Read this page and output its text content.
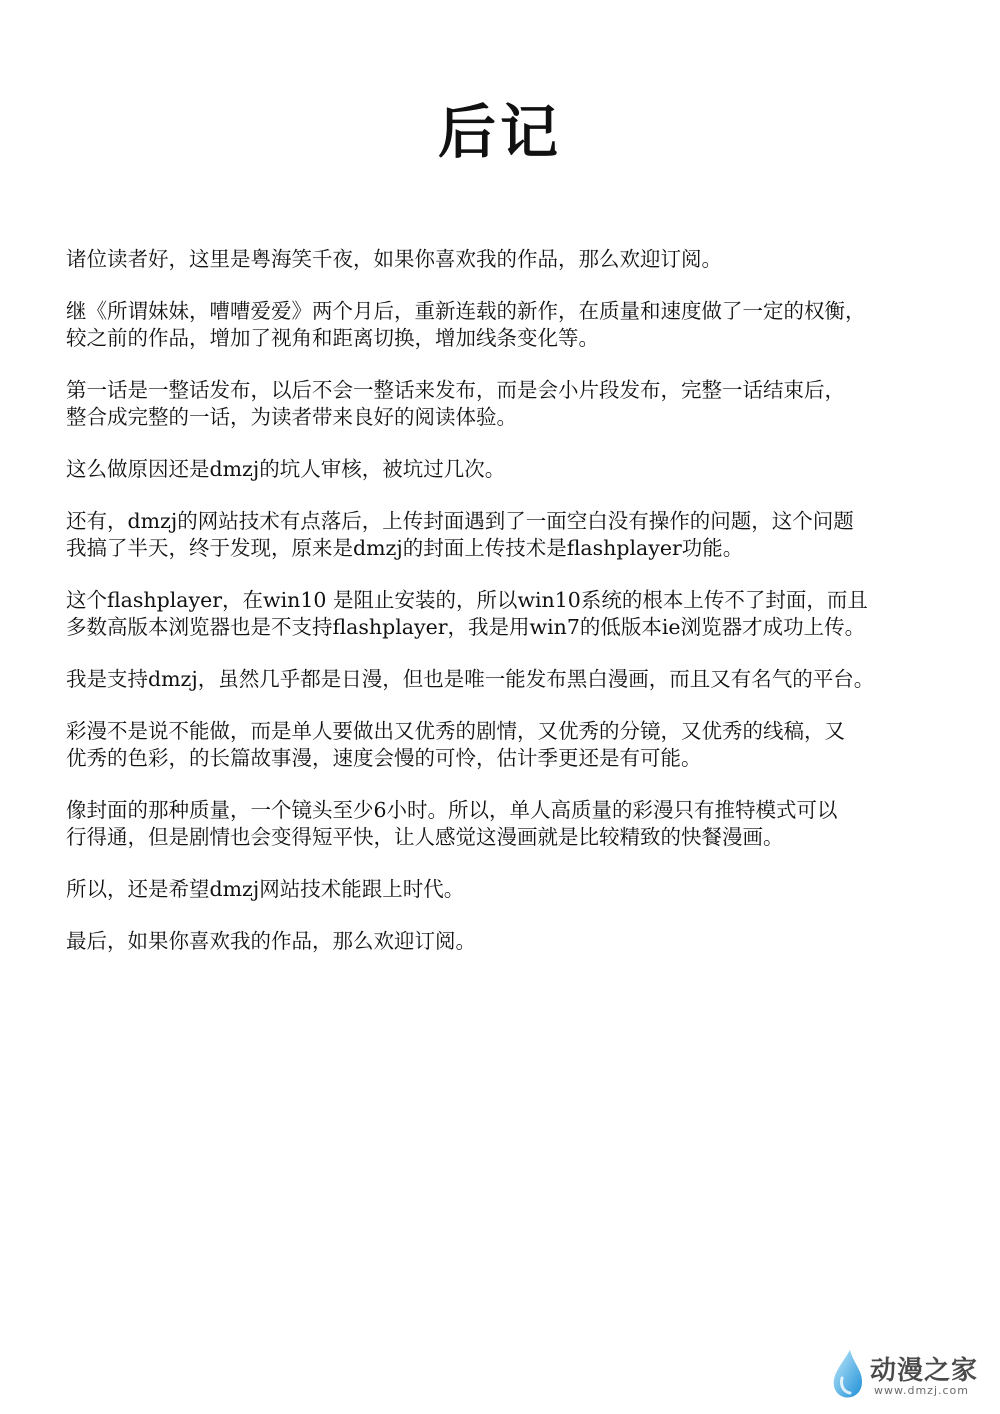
后记
诸位读者好，这里是粤海笑千夜，如果你喜欢我的作品，那么欢迎订阅。
继《所谓妹妹，嘈嘈爱爱》两个月后，重新连载的新作，在质量和速度做了一定的权衡，
较之前的作品，增加了视角和距离切换，增加线条变化等。
第一话是一整话发布，以后不会一整话来发布，而是会小片段发布，完整一话结束后，
整合成完整的一话，为读者带来良好的阅读体验。
这么做原因还是dmzj的坑人审核，被坑过几次。
还有，dmzj的网站技术有点落后，上传封面遇到了一面空白没有操作的问题，这个问题
我搞了半天，终于发现，原来是dmzj的封面上传技术是flashplayer功能。
这个flashplayer，在win10 是阻止安装的，所以win10系统的根本上传不了封面，而且
多数高版本浏览器也是不支持flashplayer，我是用win7的低版本ie浏览器才成功上传。
我是支持dmzj，虽然几乎都是日漫，但也是唯一能发布黑白漫画，而且又有名气的平台。
彩漫不是说不能做，而是单人要做出又优秀的剧情，又优秀的分镜，又优秀的线稿，又
优秀的色彩，的长篇故事漫，速度会慢的可怜，估计季更还是有可能。
像封面的那种质量，一个镜头至少6小时。所以，单人高质量的彩漫只有推特模式可以
行得通，但是剧情也会变得短平快，让人感觉这漫画就是比较精致的快餐漫画。
所以，还是希望dmzj网站技术能跟上时代。
最后，如果你喜欢我的作品，那么欢迎订阅。
动漫之家
www.dmzj.com
